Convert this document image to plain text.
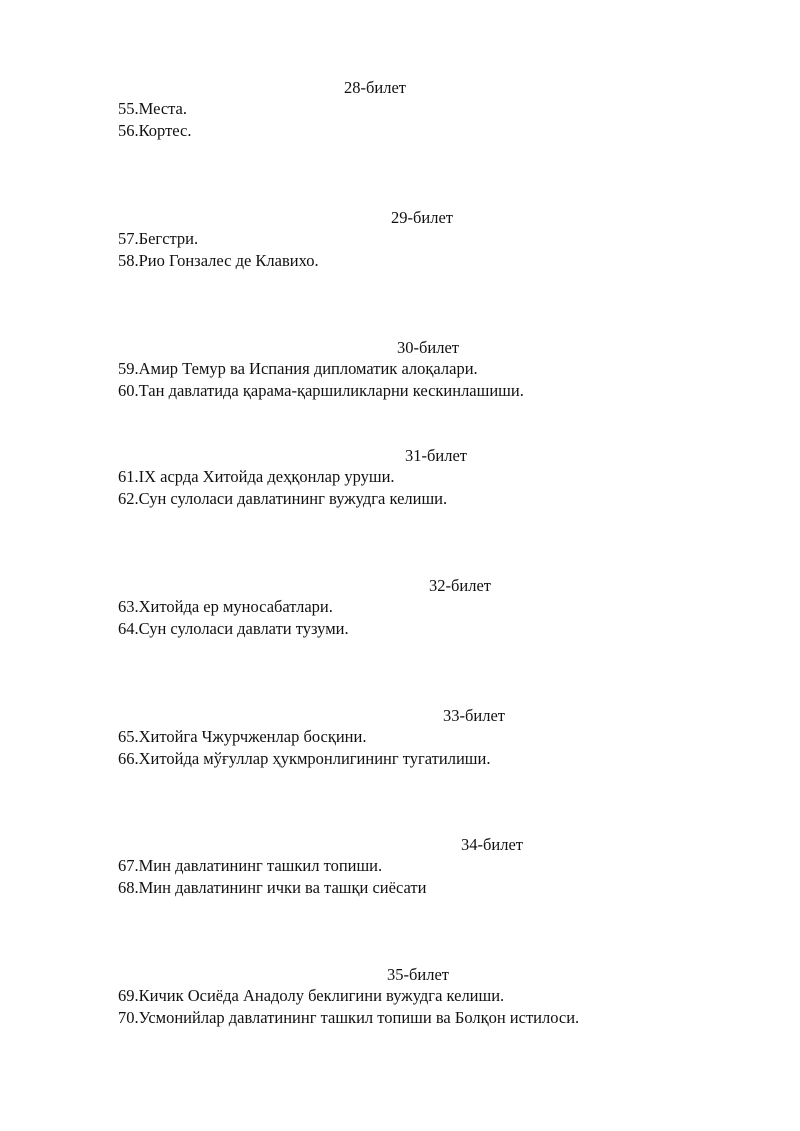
28-билет
55.Места.
56.Кортес.
29-билет
57.Бегстри.
58.Рио Гонзалес де Клавихо.
30-билет
59.Амир Темур ва Испания дипломатик алоқалари.
60.Тан давлатида қарама-қаршиликларни кескинлашиши.
31-билет
61.IX асрда Хитойда деҳқонлар уруши.
62.Сун сулоласи давлатининг вужудга келиши.
32-билет
63.Хитойда ер муносабатлари.
64.Сун сулоласи давлати тузуми.
33-билет
65.Хитойга Чжурчженлар босқини.
66.Хитойда мўғуллар ҳукмронлигининг тугатилиши.
34-билет
67.Мин давлатининг ташкил топиши.
68.Мин давлатининг ички ва ташқи сиёсати
35-билет
69.Кичик Осиёда Анадолу беклигини вужудга келиши.
70.Усмонийлар давлатининг ташкил топиши ва Болқон истилоси.
